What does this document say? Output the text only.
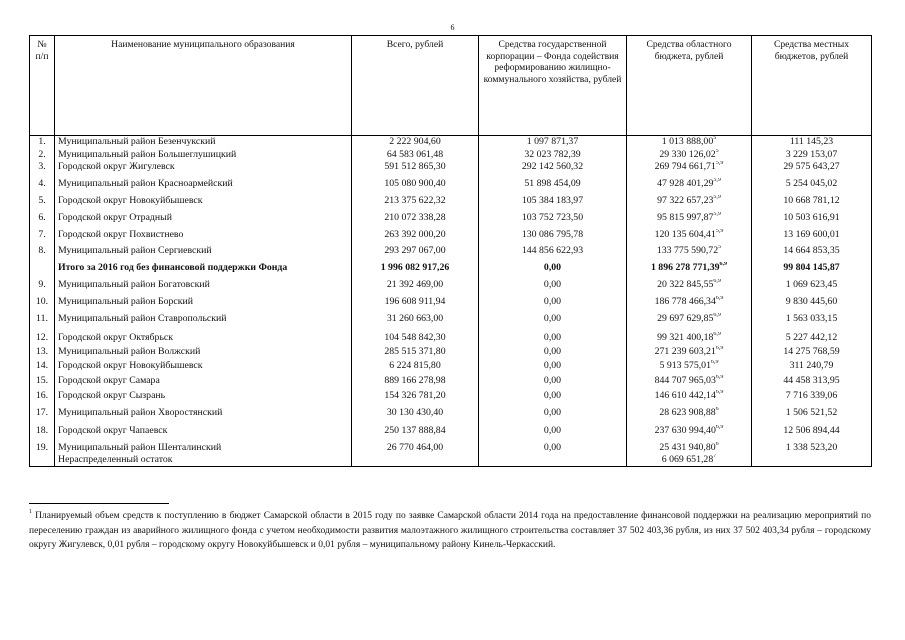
6
№ п/п	Наименование муниципального образования	Всего, рублей	Средства государственной корпорации – Фонда содействия реформированию жилищно-коммунального хозяйства, рублей	Средства областного бюджета, рублей	Средства местных бюджетов, рублей
1.	Муниципальный район Безенчукский	2 222 904,60	1 097 871,37	1 013 888,00$^5$	111 145,23
2.	Муниципальный район Большеглушицкий	64 583 061,48	32 023 782,39	29 330 126,02$^5$	3 229 153,07
3.	Городской округ Жигулевск	591 512 865,30	292 142 560,32	269 794 661,71$^{5,9}$	29 575 643,27
4.	Муниципальный район Красноармейский	105 080 900,40	51 898 454,09	47 928 401,29$^{5,9}$	5 254 045,02
5.	Городской округ Новокуйбышевск	213 375 622,32	105 384 183,97	97 322 657,23$^{5,9}$	10 668 781,12
6.	Городской округ Отрадный	210 072 338,28	103 752 723,50	95 815 997,87$^{5,9}$	10 503 616,91
7.	Городской округ Похвистнево	263 392 000,20	130 086 795,78	120 135 604,41$^{5,9}$	13 169 600,01
8.	Муниципальный район Сергиевский	293 297 067,00	144 856 622,93	133 775 590,72$^5$	14 664 853,35
	Итого за 2016 год без финансовой поддержки Фонда	1 996 082 917,26	0,00	1 896 278 771,39$^{6,9}$	99 804 145,87
9.	Муниципальный район Богатовский	21 392 469,00	0,00	20 322 845,55$^{6,9}$	1 069 623,45
10.	Муниципальный район Борский	196 608 911,94	0,00	186 778 466,34$^{6,9}$	9 830 445,60
11.	Муниципальный район Ставропольский	31 260 663,00	0,00	29 697 629,85$^{6,9}$	1 563 033,15
12.	Городской округ Октябрьск	104 548 842,30	0,00	99 321 400,18$^{6,9}$	5 227 442,12
13.	Муниципальный район Волжский	285 515 371,80	0,00	271 239 603,21$^{6,9}$	14 275 768,59
14.	Городской округ Новокуйбышевск	6 224 815,80	0,00	5 913 575,01$^{6,9}$	311 240,79
15.	Городской округ Самара	889 166 278,98	0,00	844 707 965,03$^{6,9}$	44 458 313,95
16.	Городской округ Сызрань	154 326 781,20	0,00	146 610 442,14$^{6,9}$	7 716 339,06
17.	Муниципальный район Хворостянский	30 130 430,40	0,00	28 623 908,88$^6$	1 506 521,52
18.	Городской округ Чапаевск	250 137 888,84	0,00	237 630 994,40$^{6,9}$	12 506 894,44
19.	Муниципальный район Шенталинский	26 770 464,00	0,00	25 431 940,80$^6$	1 338 523,20
	Нераспределенный остаток			6 069 651,28$^7$	
$^1$ Планируемый объем средств к поступлению в бюджет Самарской области в 2015 году по заявке Самарской области 2014 года на предоставление финансовой поддержки на реализацию мероприятий по переселению граждан из аварийного жилищного фонда с учетом необходимости развития малоэтажного жилищного строительства составляет 37 502 403,36 рубля, из них 37 502 403,34 рубля – городскому округу Жигулевск, 0,01 рубля – городскому округу Новокуйбышевск и 0,01 рубля – муниципальному району Кинель-Черкасский.
